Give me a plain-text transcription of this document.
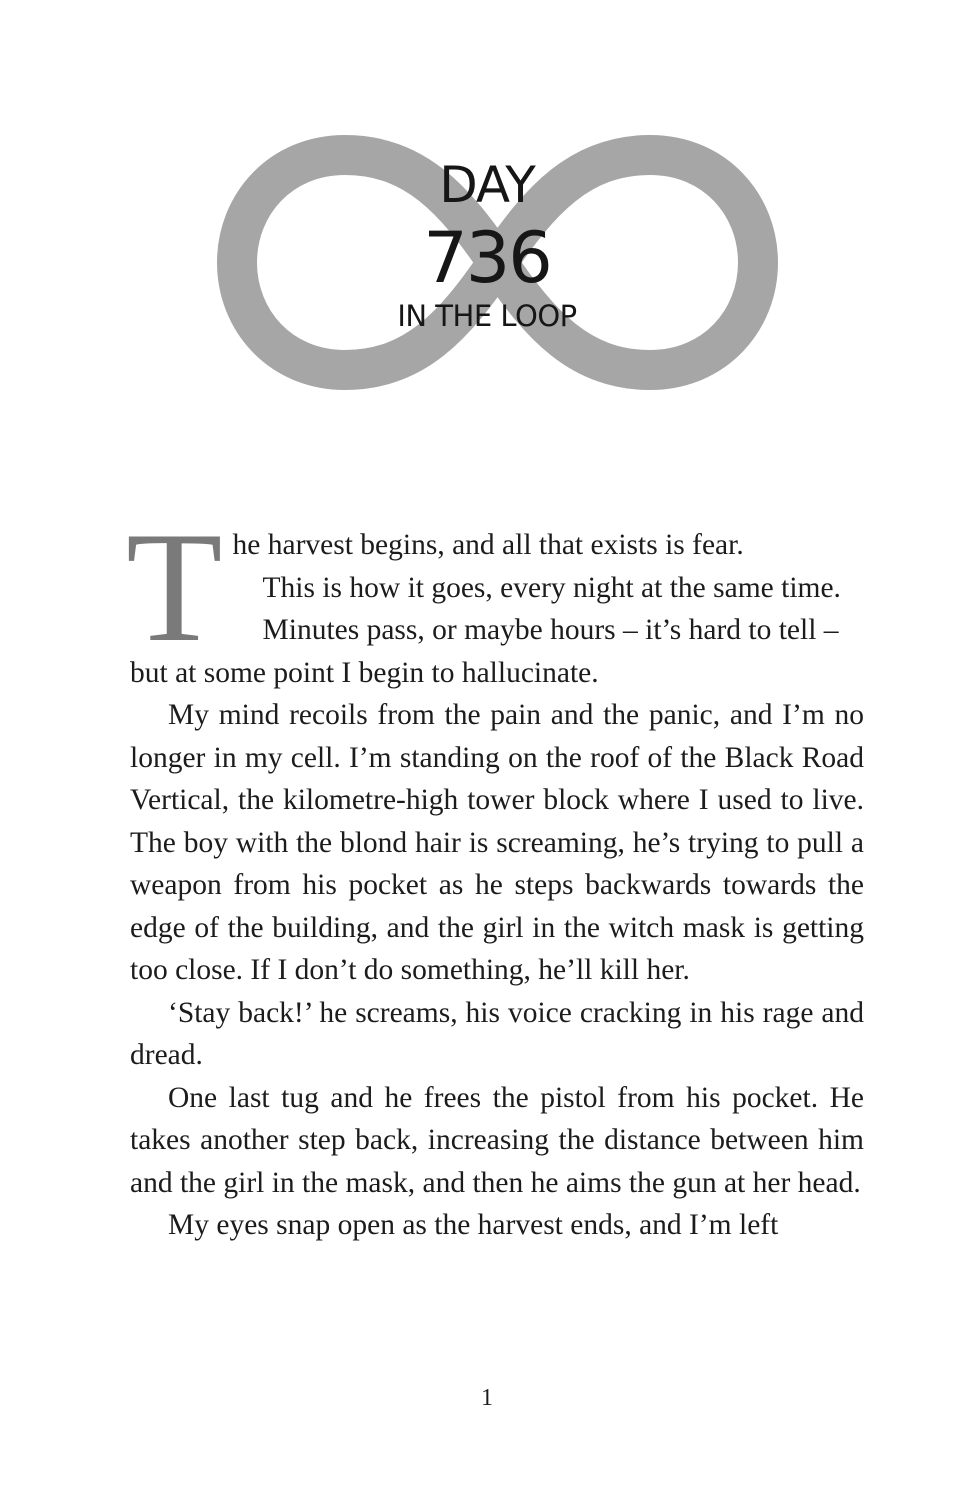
DAY
736
IN THE LOOP

T he harvest begins, and all that exists is fear.
This is how it goes, every night at the same time.
Minutes pass, or maybe hours – it’s hard to tell –
but at some point I begin to hallucinate.

My mind recoils from the pain and the panic, and I’m no longer in my cell. I’m standing on the roof of the Black Road Vertical, the kilometre-high tower block where I used to live. The boy with the blond hair is screaming, he’s trying to pull a weapon from his pocket as he steps backwards towards the edge of the building, and the girl in the witch mask is getting too close. If I don’t do something, he’ll kill her.

‘Stay back!’ he screams, his voice cracking in his rage and dread.

One last tug and he frees the pistol from his pocket. He takes another step back, increasing the distance between him and the girl in the mask, and then he aims the gun at her head.

My eyes snap open as the harvest ends, and I’m left

1
